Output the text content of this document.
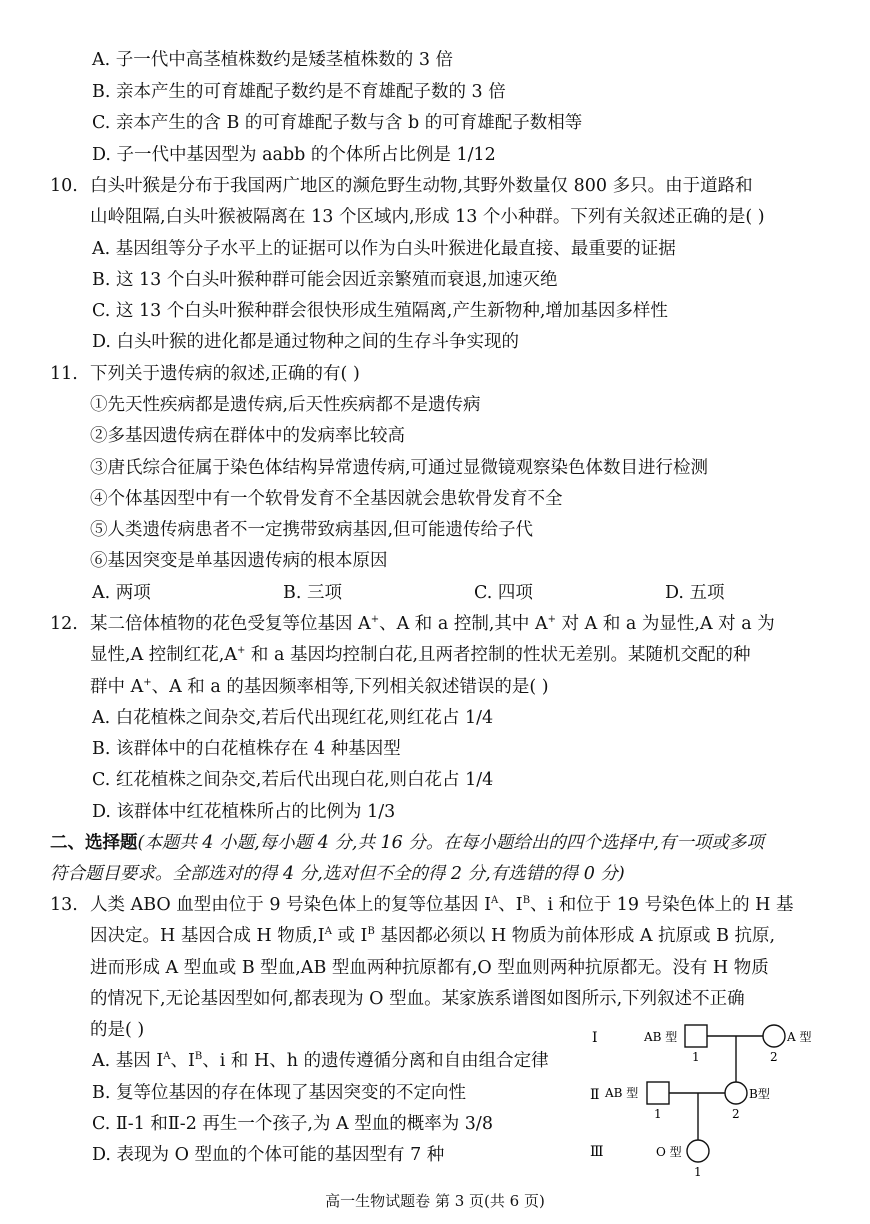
A. 子一代中高茎植株数约是矮茎植株数的 3 倍
B. 亲本产生的可育雄配子数约是不育雄配子数的 3 倍
C. 亲本产生的含 B 的可育雄配子数与含 b 的可育雄配子数相等
D. 子一代中基因型为 aabb 的个体所占比例是 1/12
10. 白头叶猴是分布于我国两广地区的濒危野生动物,其野外数量仅 800 多只。由于道路和
山岭阻隔,白头叶猴被隔离在 13 个区域内,形成 13 个小种群。下列有关叙述正确的是( )
A. 基因组等分子水平上的证据可以作为白头叶猴进化最直接、最重要的证据
B. 这 13 个白头叶猴种群可能会因近亲繁殖而衰退,加速灭绝
C. 这 13 个白头叶猴种群会很快形成生殖隔离,产生新物种,增加基因多样性
D. 白头叶猴的进化都是通过物种之间的生存斗争实现的
11. 下列关于遗传病的叙述,正确的有( )
①先天性疾病都是遗传病,后天性疾病都不是遗传病
②多基因遗传病在群体中的发病率比较高
③唐氏综合征属于染色体结构异常遗传病,可通过显微镜观察染色体数目进行检测
④个体基因型中有一个软骨发育不全基因就会患软骨发育不全
⑤人类遗传病患者不一定携带致病基因,但可能遗传给子代
⑥基因突变是单基因遗传病的根本原因
A. 两项	B. 三项	C. 四项	D. 五项
12. 某二倍体植物的花色受复等位基因 A+、A 和 a 控制,其中 A+ 对 A 和 a 为显性,A 对 a 为
显性,A 控制红花,A+ 和 a 基因均控制白花,且两者控制的性状无差别。某随机交配的种
群中 A+、A 和 a 的基因频率相等,下列相关叙述错误的是( )
A. 白花植株之间杂交,若后代出现红花,则红花占 1/4
B. 该群体中的白花植株存在 4 种基因型
C. 红花植株之间杂交,若后代出现白花,则白花占 1/4
D. 该群体中红花植株所占的比例为 1/3
二、选择题(本题共 4 小题,每小题 4 分,共 16 分。在每小题给出的四个选择中,有一项或多项
符合题目要求。全部选对的得 4 分,选对但不全的得 2 分,有选错的得 0 分)
13. 人类 ABO 血型由位于 9 号染色体上的复等位基因 $I^A$、$I^B$、i 和位于 19 号染色体上的 H 基
因决定。H 基因合成 H 物质$,I^A$ 或 $I^B$ 基因都必须以 H 物质为前体形成 A 抗原或 B 抗原,
进而形成 A 型血或 B 型血,AB 型血两种抗原都有,O 型血则两种抗原都无。没有 H 物质
的情况下,无论基因型如何,都表现为 O 型血。某家族系谱图如图所示,下列叙述不正确
的是( )
A. 基因 $I^A$、$I^B$、i 和 H、h 的遗传遵循分离和自由组合定律
B. 复等位基因的存在体现了基因突变的不定向性
C. Ⅱ-1 和Ⅱ-2 再生一个孩子,为 A 型血的概率为 3/8
D. 表现为 O 型血的个体可能的基因型有 7 种
Ⅰ
Ⅱ
Ⅲ
AB 型	A 型
1	2
AB 型	B型
1	2
O 型
1
高一生物试题卷 第 3 页(共 6 页)
